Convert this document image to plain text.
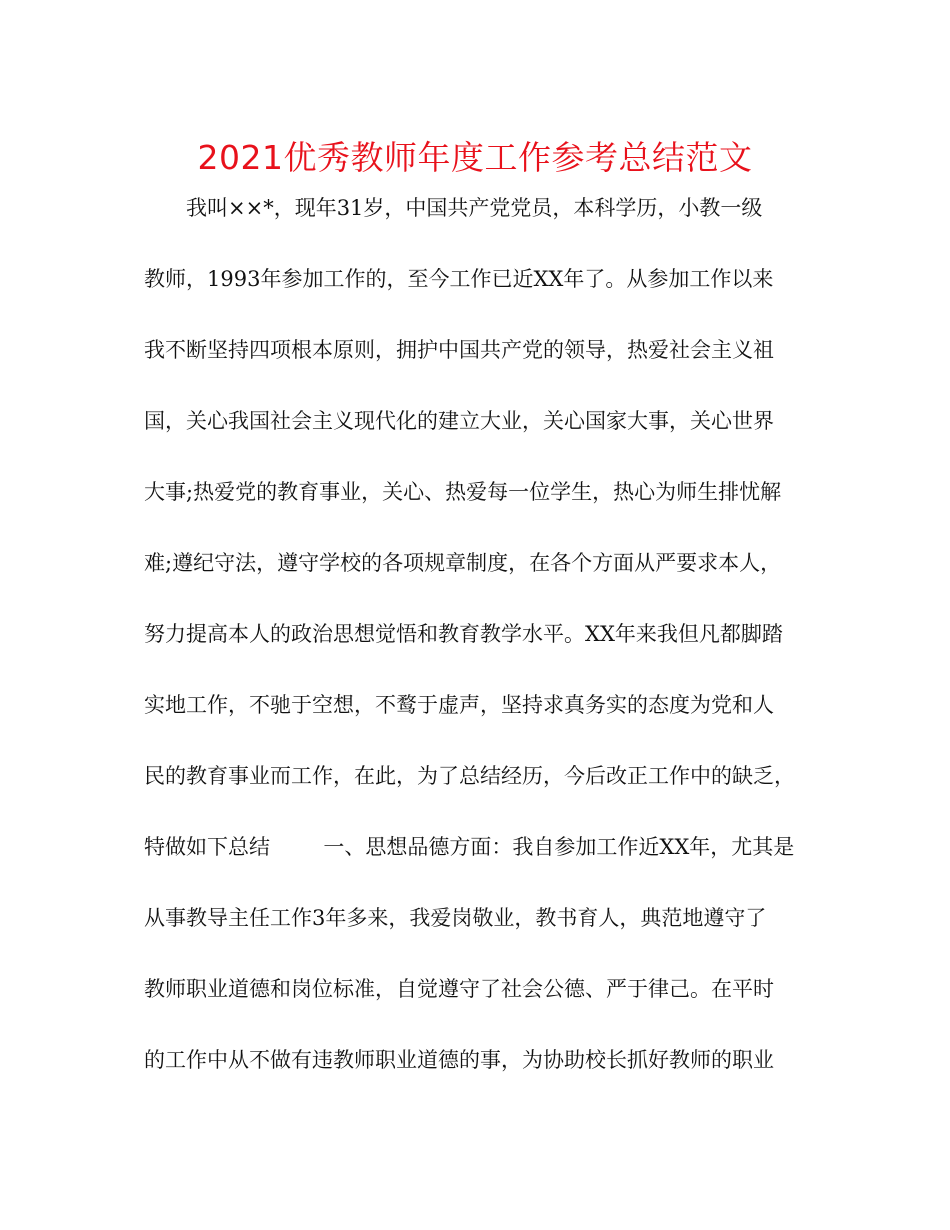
2021优秀教师年度工作参考总结范文
我叫××*，现年31岁，中国共产党党员，本科学历，小教一级
教师，1993年参加工作的，至今工作已近XX年了。从参加工作以来
我不断坚持四项根本原则，拥护中国共产党的领导，热爱社会主义祖
国，关心我国社会主义现代化的建立大业，关心国家大事，关心世界
大事;热爱党的教育事业，关心、热爱每一位学生，热心为师生排忧解
难;遵纪守法，遵守学校的各项规章制度，在各个方面从严要求本人，
努力提高本人的政治思想觉悟和教育教学水平。XX年来我但凡都脚踏
实地工作，不驰于空想，不鹜于虚声，坚持求真务实的态度为党和人
民的教育事业而工作，在此，为了总结经历，今后改正工作中的缺乏，
特做如下总结        一、思想品德方面：我自参加工作近XX年，尤其是
从事教导主任工作3年多来，我爱岗敬业，教书育人，典范地遵守了
教师职业道德和岗位标准，自觉遵守了社会公德、严于律己。在平时
的工作中从不做有违教师职业道德的事，为协助校长抓好教师的职业
